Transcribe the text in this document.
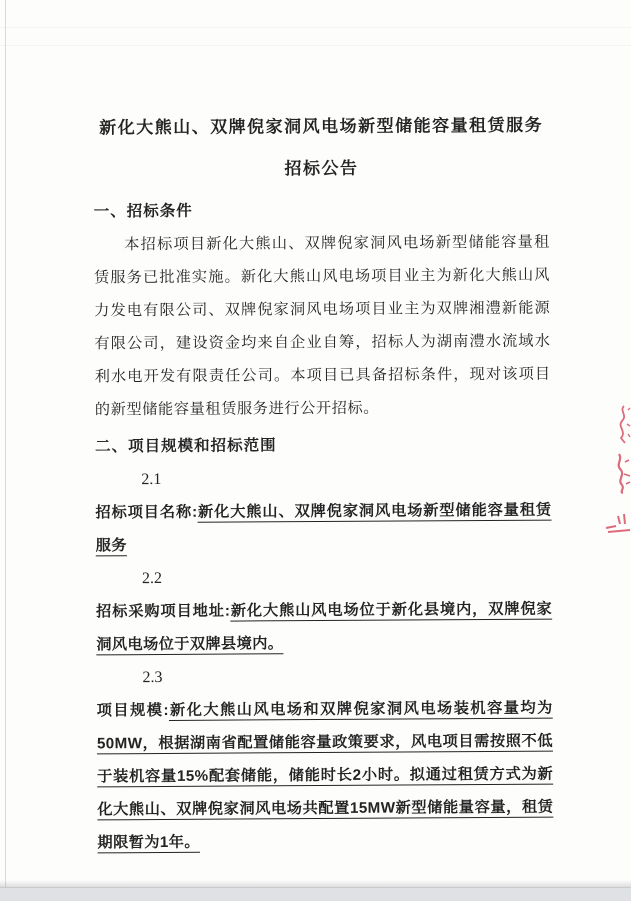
新化大熊山、双牌倪家洞风电场新型储能容量租赁服务
招标公告
一、招标条件

本招标项目新化大熊山、双牌倪家洞风电场新型储能容量租赁服务已批准实施。新化大熊山风电场项目业主为新化大熊山风力发电有限公司、双牌倪家洞风电场项目业主为双牌湘澧新能源有限公司，建设资金均来自企业自筹，招标人为湖南澧水流域水利水电开发有限责任公司。本项目已具备招标条件，现对该项目的新型储能容量租赁服务进行公开招标。

二、项目规模和招标范围

2.1

招标项目名称:新化大熊山、双牌倪家洞风电场新型储能容量租赁服务

2.2

招标采购项目地址:新化大熊山风电场位于新化县境内，双牌倪家洞风电场位于双牌县境内。

2.3

项目规模:新化大熊山风电场和双牌倪家洞风电场装机容量均为50MW，根据湖南省配置储能容量政策要求，风电项目需按照不低于装机容量15%配套储能，储能时长2小时。拟通过租赁方式为新化大熊山、双牌倪家洞风电场共配置15MW新型储能量容量，租赁期限暂为1年。
